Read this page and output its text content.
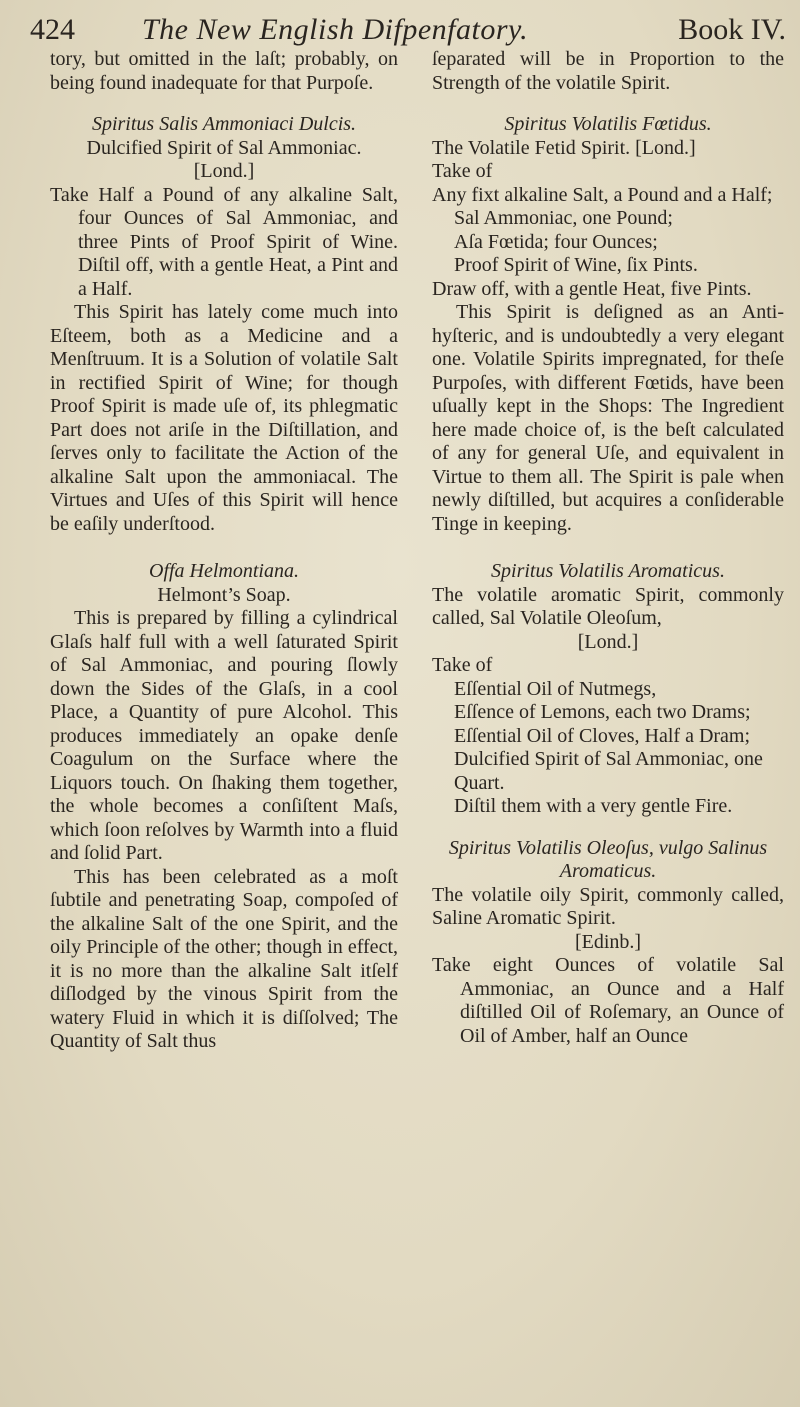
424 The New English Difpenfatory.	Book IV.

tory, but omitted in the laſt; probably, on being found inadequate for that Purpoſe.

Spiritus Salis Ammoniaci Dulcis.

Dulcified Spirit of Sal Ammoniac.

[Lond.]

Take Half a Pound of any alkaline Salt, four Ounces of Sal Ammoniac, and three Pints of Proof Spirit of Wine. Diſtil off, with a gentle Heat, a Pint and a Half.

This Spirit has lately come much into Eſteem, both as a Medicine and a Menſtruum. It is a Solution of volatile Salt in rectified Spirit of Wine; for though Proof Spirit is made uſe of, its phlegmatic Part does not ariſe in the Diſtillation, and ſerves only to facilitate the Action of the alkaline Salt upon the ammoniacal. The Virtues and Uſes of this Spirit will hence be eaſily underſtood.

Offa Helmontiana.

Helmont’s Soap.

This is prepared by filling a cylindrical Glaſs half full with a well ſaturated Spirit of Sal Ammoniac, and pouring ſlowly down the Sides of the Glaſs, in a cool Place, a Quantity of pure Alcohol. This produces immediately an opake denſe Coagulum on the Surface where the Liquors touch. On ſhaking them together, the whole becomes a conſiſtent Maſs, which ſoon reſolves by Warmth into a fluid and ſolid Part.

This has been celebrated as a moſt ſubtile and penetrating Soap, compoſed of the alkaline Salt of the one Spirit, and the oily Principle of the other; though in effect, it is no more than the alkaline Salt itſelf diſlodged by the vinous Spirit from the watery Fluid in which it is diſſolved; The Quantity of Salt thus

ſeparated will be in Proportion to the Strength of the volatile Spirit.

Spiritus Volatilis Fœtidus.

The Volatile Fetid Spirit. [Lond.]

Take of

Any fixt alkaline Salt, a Pound and a Half;

Sal Ammoniac, one Pound;

Aſa Fœtida; four Ounces;

Proof Spirit of Wine, ſix Pints.

Draw off, with a gentle Heat, five Pints.

This Spirit is deſigned as an Anti-hyſteric, and is undoubtedly a very elegant one. Volatile Spirits impregnated, for theſe Purpoſes, with different Fœtids, have been uſually kept in the Shops: The Ingredient here made choice of, is the beſt calculated of any for general Uſe, and equivalent in Virtue to them all. The Spirit is pale when newly diſtilled, but acquires a conſiderable Tinge in keeping.

Spiritus Volatilis Aromaticus.

The volatile aromatic Spirit, commonly called, Sal Volatile Oleoſum,

[Lond.]

Take of

Eſſential Oil of Nutmegs,

Eſſence of Lemons, each two Drams;

Eſſential Oil of Cloves, Half a Dram;

Dulcified Spirit of Sal Ammoniac, one Quart.

Diſtil them with a very gentle Fire.

Spiritus Volatilis Oleoſus, vulgo Salinus Aromaticus.

The volatile oily Spirit, commonly called, Saline Aromatic Spirit.

[Edinb.]

Take eight Ounces of volatile Sal Ammoniac, an Ounce and a Half diſtilled Oil of Roſemary, an Ounce of Oil of Amber, half an Ounce
